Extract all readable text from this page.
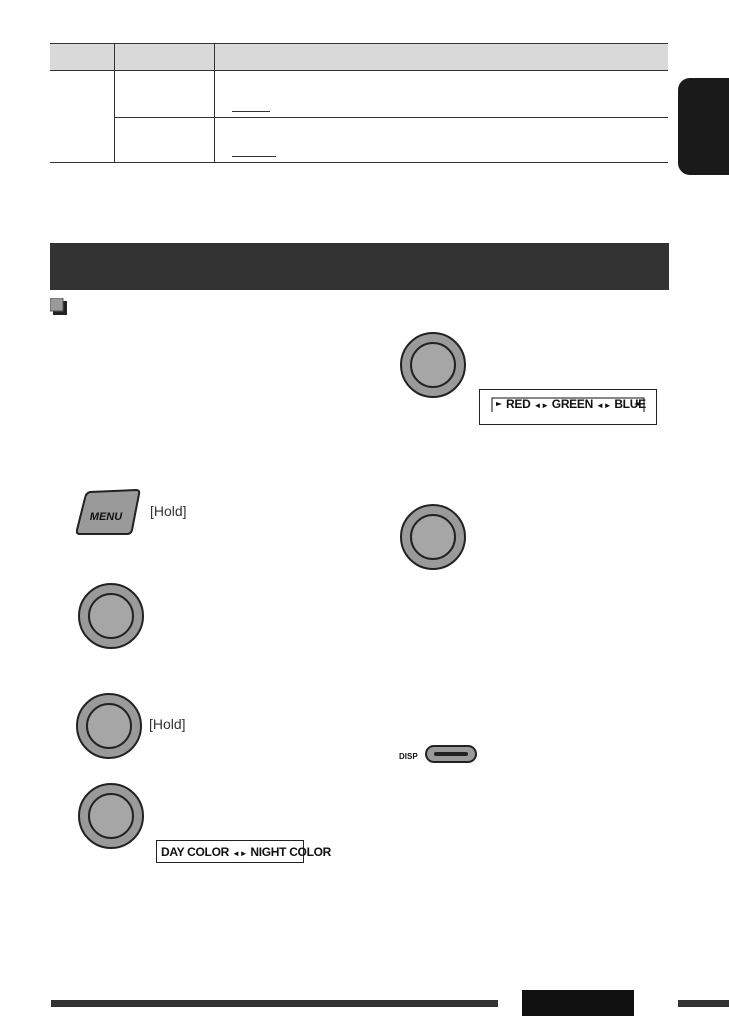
MENU [Hold]
[Hold]
DAY COLOR ◄► NIGHT COLOR
RED ◄► GREEN ◄► BLUE
DISP
